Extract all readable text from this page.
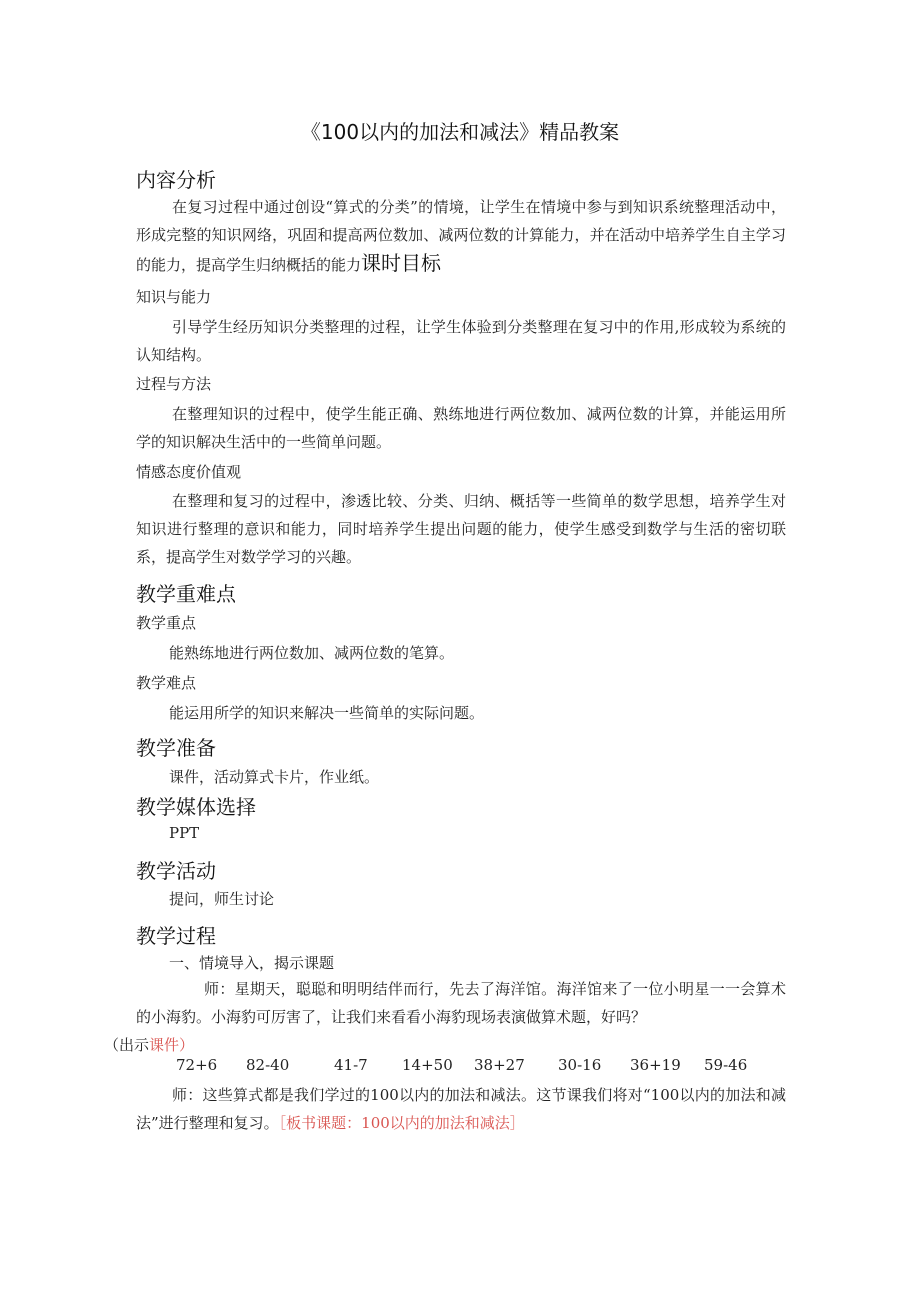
《100以内的加法和减法》精品教案
内容分析
在复习过程中通过创设“算式的分类”的情境，让学生在情境中参与到知识系统整理活动中，形成完整的知识网络，巩固和提高两位数加、减两位数的计算能力，并在活动中培养学生自主学习的能力，提高学生归纳概括的能力课时目标
知识与能力
引导学生经历知识分类整理的过程，让学生体验到分类整理在复习中的作用,形成较为系统的认知结构。
过程与方法
在整理知识的过程中，使学生能正确、熟练地进行两位数加、减两位数的计算，并能运用所学的知识解决生活中的一些简单问题。
情感态度价值观
在整理和复习的过程中，渗透比较、分类、归纳、概括等一些简单的数学思想，培养学生对知识进行整理的意识和能力，同时培养学生提出问题的能力，使学生感受到数学与生活的密切联系，提高学生对数学学习的兴趣。
教学重难点
教学重点
能熟练地进行两位数加、减两位数的笔算。
教学难点
能运用所学的知识来解决一些简单的实际问题。
教学准备
课件，活动算式卡片，作业纸。
教学媒体选择
PPT
教学活动
提问，师生讨论
教学过程
一、情境导入，揭示课题
师：星期天，聪聪和明明结伴而行，先去了海洋馆。海洋馆来了一位小明星一一会算术的小海豹。小海豹可厉害了，让我们来看看小海豹现场表演做算术题，好吗？
（出示课件）
72+6 82-40	41-7 14+50 38+27 30-16 36+19 59-46
师：这些算式都是我们学过的100以内的加法和减法。这节课我们将对“100以内的加法和减法”进行整理和复习。［板书课题：100以内的加法和减法］
